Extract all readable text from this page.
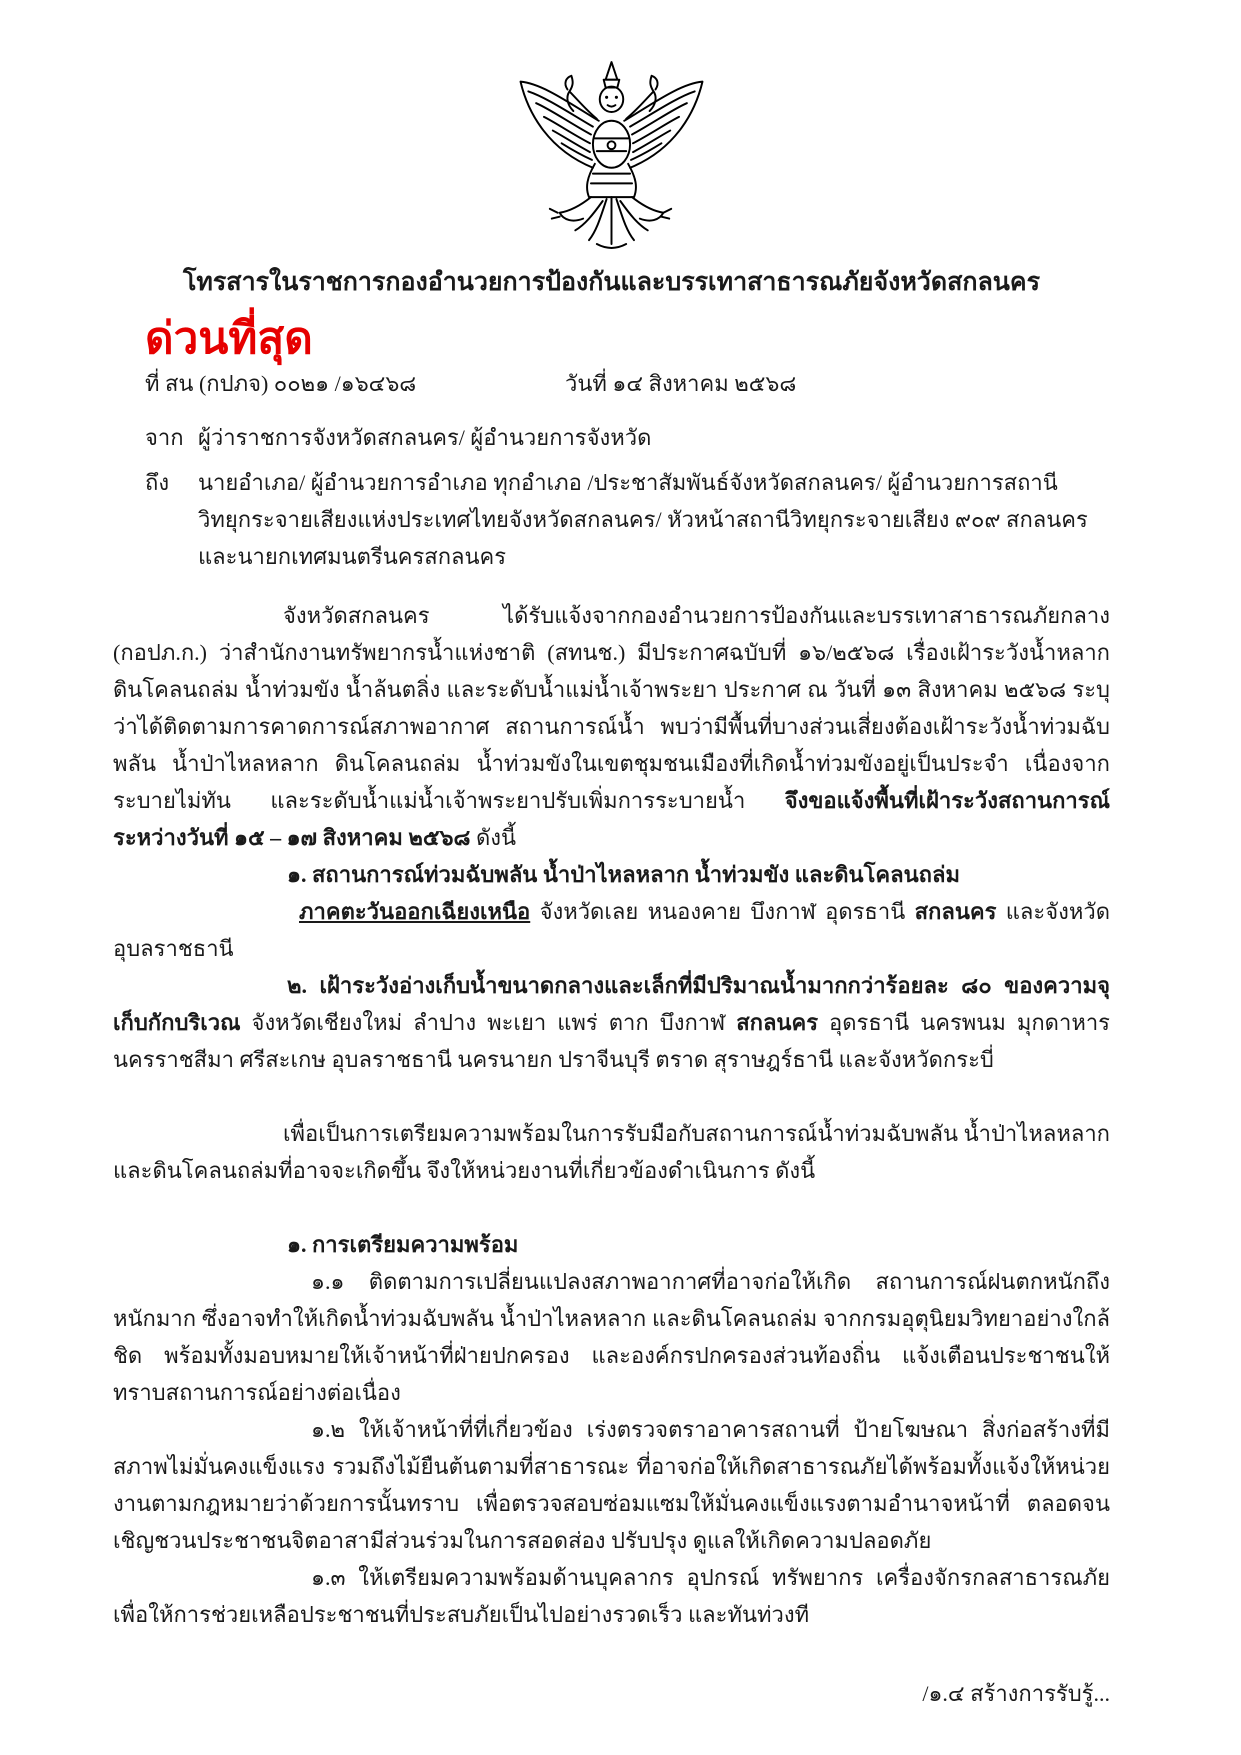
โทรสารในราชการกองอำนวยการป้องกันและบรรเทาสาธารณภัยจังหวัดสกลนคร
ด่วนที่สุด
ที่ สน (กปภจ) ๐๐๒๑ /๑๖๔๖๘	วันที่ ๑๔ สิงหาคม ๒๕๖๘
จาก ผู้ว่าราชการจังหวัดสกลนคร/ ผู้อำนวยการจังหวัด
ถึง	นายอำเภอ/ ผู้อำนวยการอำเภอ ทุกอำเภอ /ประชาสัมพันธ์จังหวัดสกลนคร/ ผู้อำนวยการสถานี วิทยุกระจายเสียงแห่งประเทศไทยจังหวัดสกลนคร/ หัวหน้าสถานีวิทยุกระจายเสียง ๙๐๙ สกลนคร และนายกเทศมนตรีนครสกลนคร

จังหวัดสกลนคร ได้รับแจ้งจากกองอำนวยการป้องกันและบรรเทาสาธารณภัยกลาง (กอปภ.ก.) ว่าสำนักงานทรัพยากรน้ำแห่งชาติ (สทนช.) มีประกาศฉบับที่ ๑๖/๒๕๖๘ เรื่องเฝ้าระวังน้ำหลาก ดินโคลนถล่ม น้ำท่วมขัง น้ำล้นตลิ่ง และระดับน้ำแม่น้ำเจ้าพระยา ประกาศ ณ วันที่ ๑๓ สิงหาคม ๒๕๖๘ ระบุว่าได้ติดตามการคาดการณ์สภาพอากาศ สถานการณ์น้ำ พบว่ามีพื้นที่บางส่วนเสี่ยงต้องเฝ้าระวังน้ำท่วมฉับพลัน น้ำป่าไหลหลาก ดินโคลนถล่ม น้ำท่วมขังในเขตชุมชนเมืองที่เกิดน้ำท่วมขังอยู่เป็นประจำ เนื่องจากระบายไม่ทัน และระดับน้ำแม่น้ำเจ้าพระยาปรับเพิ่มการระบายน้ำ จึงขอแจ้งพื้นที่เฝ้าระวังสถานการณ์ระหว่างวันที่ ๑๕ – ๑๗ สิงหาคม ๒๕๖๘ ดังนี้

๑. สถานการณ์ท่วมฉับพลัน น้ำป่าไหลหลาก น้ำท่วมขัง และดินโคลนถล่ม

ภาคตะวันออกเฉียงเหนือ จังหวัดเลย หนองคาย บึงกาฬ อุดรธานี สกลนคร และจังหวัดอุบลราชธานี

๒. เฝ้าระวังอ่างเก็บน้ำขนาดกลางและเล็กที่มีปริมาณน้ำมากกว่าร้อยละ ๘๐ ของความจุเก็บกักบริเวณ จังหวัดเชียงใหม่ ลำปาง พะเยา แพร่ ตาก บึงกาฬ สกลนคร อุดรธานี นครพนม มุกดาหาร นครราชสีมา ศรีสะเกษ อุบลราชธานี นครนายก ปราจีนบุรี ตราด สุราษฎร์ธานี และจังหวัดกระบี่

เพื่อเป็นการเตรียมความพร้อมในการรับมือกับสถานการณ์น้ำท่วมฉับพลัน น้ำป่าไหลหลาก และดินโคลนถล่มที่อาจจะเกิดขึ้น จึงให้หน่วยงานที่เกี่ยวข้องดำเนินการ ดังนี้

๑. การเตรียมความพร้อม

๑.๑ ติดตามการเปลี่ยนแปลงสภาพอากาศที่อาจก่อให้เกิด สถานการณ์ฝนตกหนักถึงหนักมาก ซึ่งอาจทำให้เกิดน้ำท่วมฉับพลัน น้ำป่าไหลหลาก และดินโคลนถล่ม จากกรมอุตุนิยมวิทยาอย่างใกล้ชิด พร้อมทั้งมอบหมายให้เจ้าหน้าที่ฝ่ายปกครอง และองค์กรปกครองส่วนท้องถิ่น แจ้งเตือนประชาชนให้ทราบสถานการณ์อย่างต่อเนื่อง

๑.๒ ให้เจ้าหน้าที่ที่เกี่ยวข้อง เร่งตรวจตราอาคารสถานที่ ป้ายโฆษณา สิ่งก่อสร้างที่มีสภาพไม่มั่นคงแข็งแรง รวมถึงไม้ยืนต้นตามที่สาธารณะ ที่อาจก่อให้เกิดสาธารณภัยได้พร้อมทั้งแจ้งให้หน่วยงานตามกฎหมายว่าด้วยการนั้นทราบ เพื่อตรวจสอบซ่อมแซมให้มั่นคงแข็งแรงตามอำนาจหน้าที่ ตลอดจนเชิญชวนประชาชนจิตอาสามีส่วนร่วมในการสอดส่อง ปรับปรุง ดูแลให้เกิดความปลอดภัย

๑.๓ ให้เตรียมความพร้อมด้านบุคลากร อุปกรณ์ ทรัพยากร เครื่องจักรกลสาธารณภัย เพื่อให้การช่วยเหลือประชาชนที่ประสบภัยเป็นไปอย่างรวดเร็ว และทันท่วงที

/๑.๔ สร้างการรับรู้...
